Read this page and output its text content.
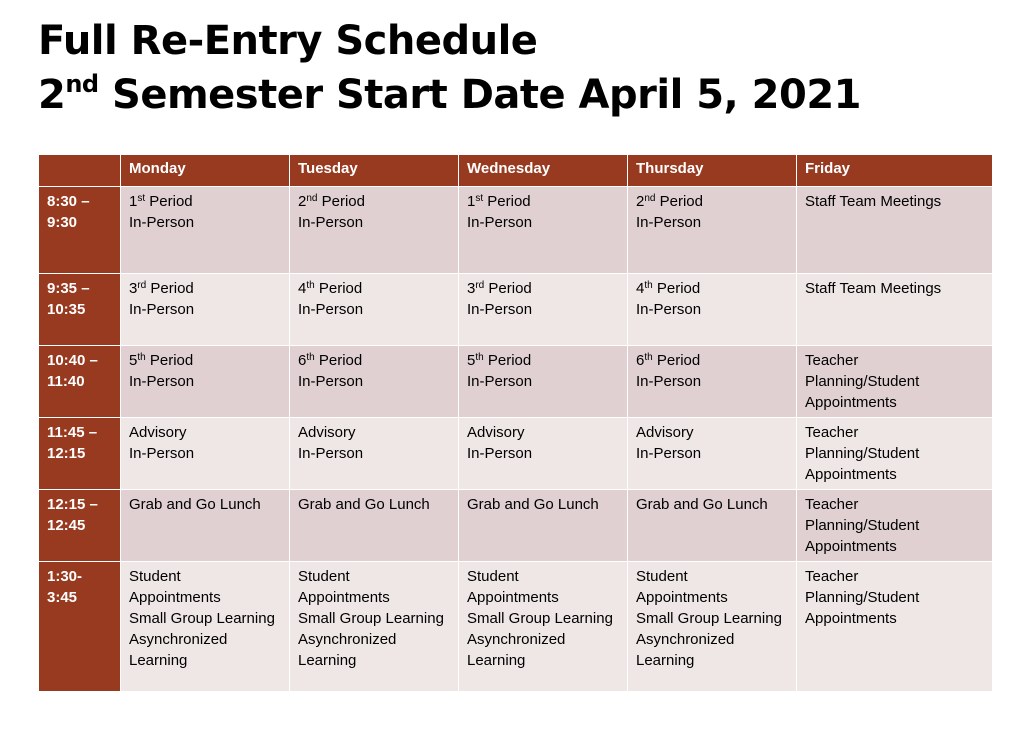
Full Re-Entry Schedule
2nd Semester Start Date April 5, 2021
	Monday	Tuesday	Wednesday	Thursday	Friday

8:30 –
9:30	1st Period
In-Person	2nd Period
In-Person	1st Period
In-Person	2nd Period
In-Person	Staff Team Meetings

9:35 –
10:35	3rd Period
In-Person	4th Period
In-Person	3rd Period
In-Person	4th Period
In-Person	Staff Team Meetings

10:40 –
11:40	5th Period
In-Person	6th Period
In-Person	5th Period
In-Person	6th Period
In-Person	Teacher
Planning/Student
Appointments

11:45 –
12:15	Advisory
In-Person	Advisory
In-Person	Advisory
In-Person	Advisory
In-Person	Teacher
Planning/Student
Appointments

12:15 –
12:45	Grab and Go Lunch	Grab and Go Lunch	Grab and Go Lunch	Grab and Go Lunch	Teacher
Planning/Student
Appointments

1:30-
3:45	Student
Appointments
Small Group Learning
Asynchronized
Learning	Student
Appointments
Small Group Learning
Asynchronized
Learning	Student
Appointments
Small Group Learning
Asynchronized
Learning	Student
Appointments
Small Group Learning
Asynchronized
Learning	Teacher
Planning/Student
Appointments
